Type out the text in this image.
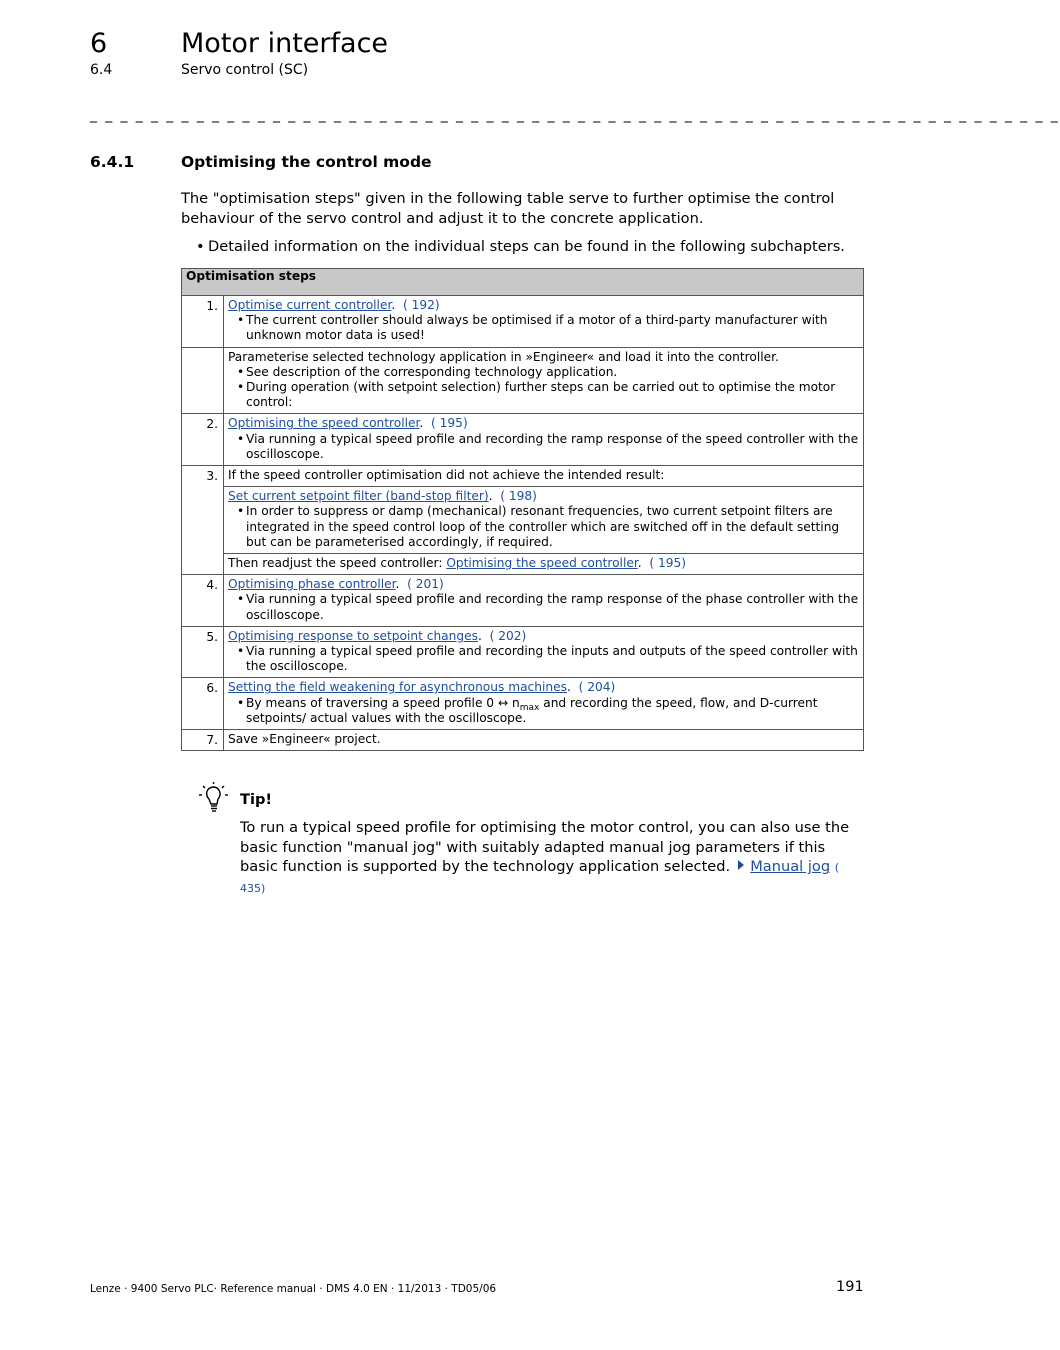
6	Motor interface
6.4	Servo control (SC)
_ _ _ _ _ _ _ _ _ _ _ _ _ _ _ _ _ _ _ _ _ _ _ _ _ _ _ _ _ _ _ _ _ _ _ _ _ _ _ _ _ _ _ _ _ _ _ _ _ _ _ _ _ _ _ _ _ _ _ _ _ _ _ _
6.4.1	Optimising the control mode
The "optimisation steps" given in the following table serve to further optimise the control behaviour of the servo control and adjust it to the concrete application.
• Detailed information on the individual steps can be found in the following subchapters.
Optimisation steps	
1.	Optimise current controller. ( 192)
• The current controller should always be optimised if a motor of a third-party manufacturer with unknown motor data is used!

	Parameterise selected technology application in »Engineer« and load it into the controller.
• See description of the corresponding technology application.
• During operation (with setpoint selection) further steps can be carried out to optimise the motor control:

2.	Optimising the speed controller. ( 195)
• Via running a typical speed profile and recording the ramp response of the speed controller with the oscilloscope.

3.	If the speed controller optimisation did not achieve the intended result:

	Set current setpoint filter (band-stop filter). ( 198)
• In order to suppress or damp (mechanical) resonant frequencies, two current setpoint filters are integrated in the speed control loop of the controller which are switched off in the default setting but can be parameterised accordingly, if required.

	Then readjust the speed controller: Optimising the speed controller. ( 195)
4.	Optimising phase controller. ( 201)
• Via running a typical speed profile and recording the ramp response of the phase controller with the oscilloscope.

5.	Optimising response to setpoint changes. ( 202)
• Via running a typical speed profile and recording the inputs and outputs of the speed controller with the oscilloscope.

6.	Setting the field weakening for asynchronous machines. ( 204)
• By means of traversing a speed profile 0 ↔ $n_{max}$ and recording the speed, flow, and D-current setpoints/ actual values with the oscilloscope.

7.	Save »Engineer« project.
Tip!
To run a typical speed profile for optimising the motor control, you can also use the basic function "manual jog" with suitably adapted manual jog parameters if this basic function is supported by the technology application selected. Manual jog ( 435)
Lenze · 9400 Servo PLC· Reference manual · DMS 4.0 EN · 11/2013 · TD05/06	191
